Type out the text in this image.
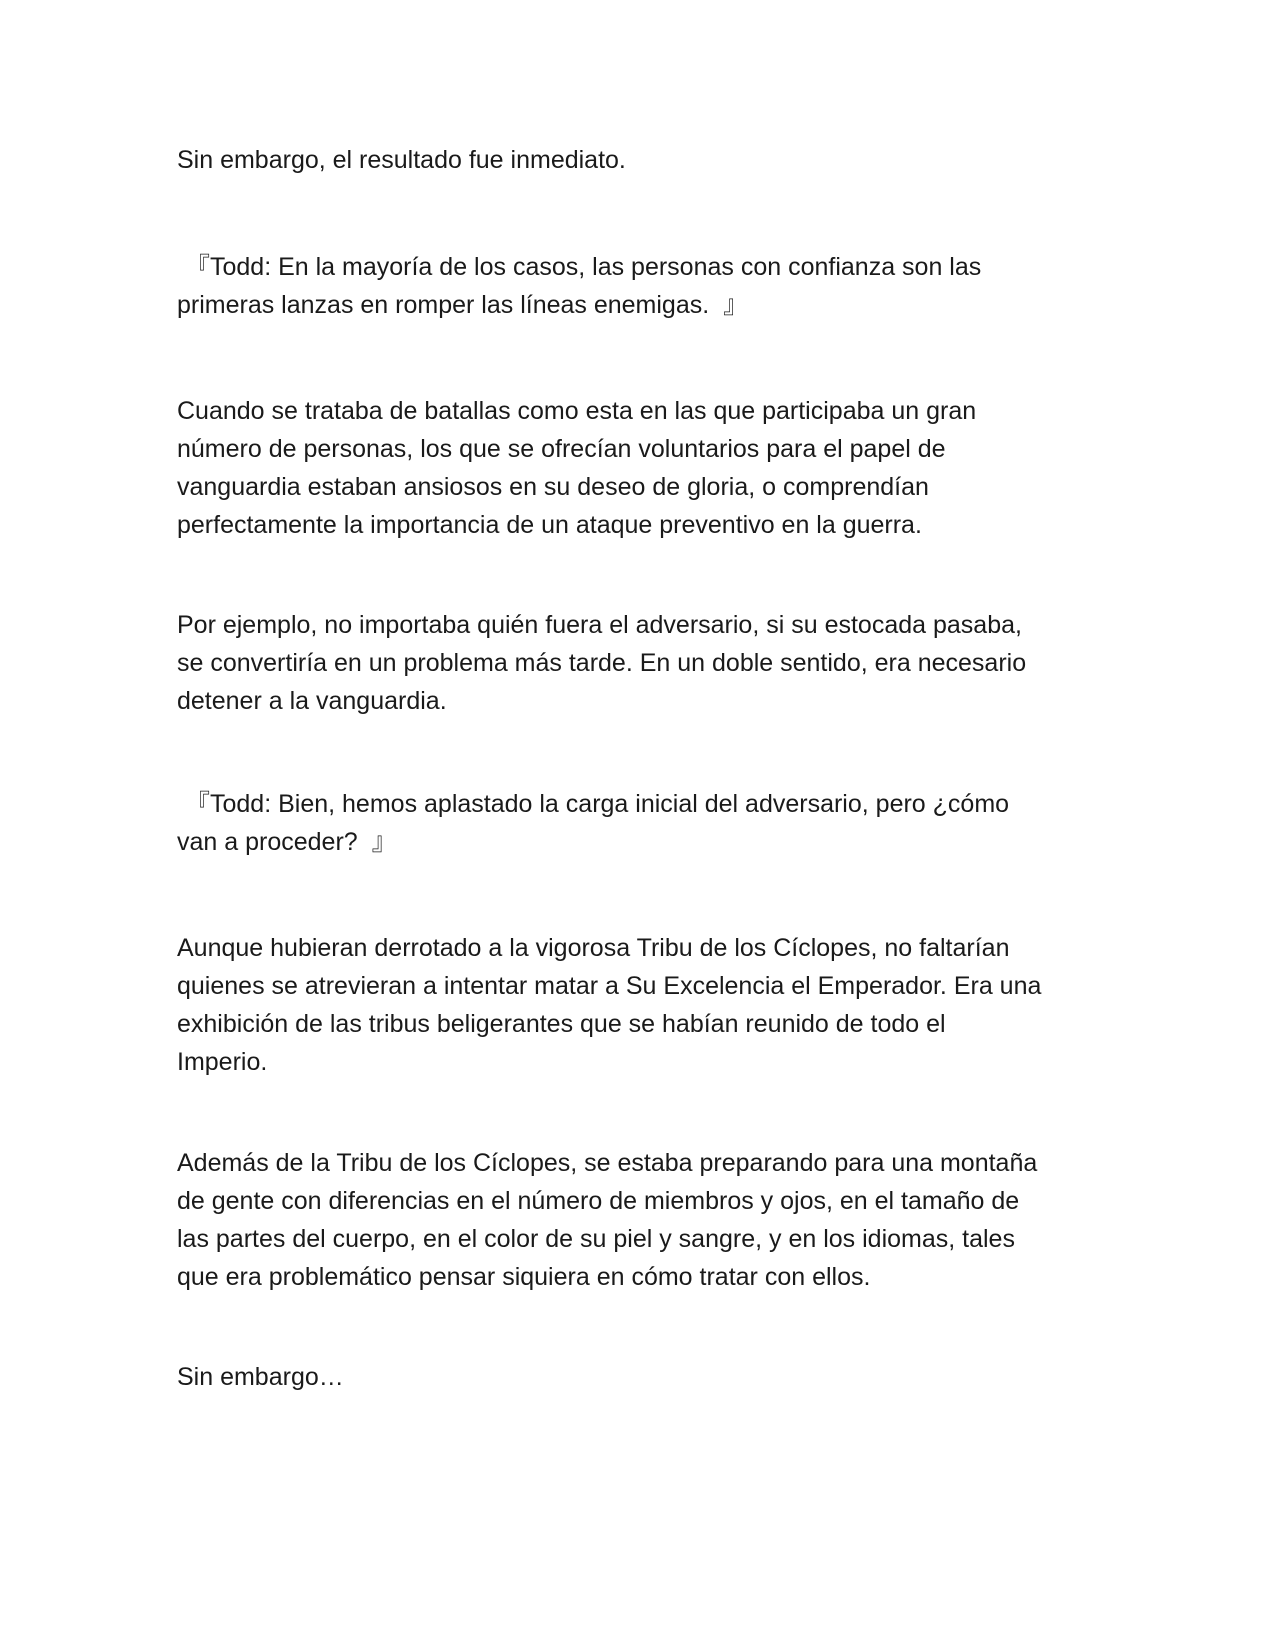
Sin embargo, el resultado fue inmediato.

『Todd: En la mayoría de los casos, las personas con confianza son las
primeras lanzas en romper las líneas enemigas.  』

Cuando se trataba de batallas como esta en las que participaba un gran
número de personas, los que se ofrecían voluntarios para el papel de
vanguardia estaban ansiosos en su deseo de gloria, o comprendían
perfectamente la importancia de un ataque preventivo en la guerra.

Por ejemplo, no importaba quién fuera el adversario, si su estocada pasaba,
se convertiría en un problema más tarde. En un doble sentido, era necesario
detener a la vanguardia.

『Todd: Bien, hemos aplastado la carga inicial del adversario, pero ¿cómo
van a proceder?  』

Aunque hubieran derrotado a la vigorosa Tribu de los Cíclopes, no faltarían
quienes se atrevieran a intentar matar a Su Excelencia el Emperador. Era una
exhibición de las tribus beligerantes que se habían reunido de todo el
Imperio.

Además de la Tribu de los Cíclopes, se estaba preparando para una montaña
de gente con diferencias en el número de miembros y ojos, en el tamaño de
las partes del cuerpo, en el color de su piel y sangre, y en los idiomas, tales
que era problemático pensar siquiera en cómo tratar con ellos.

Sin embargo…
